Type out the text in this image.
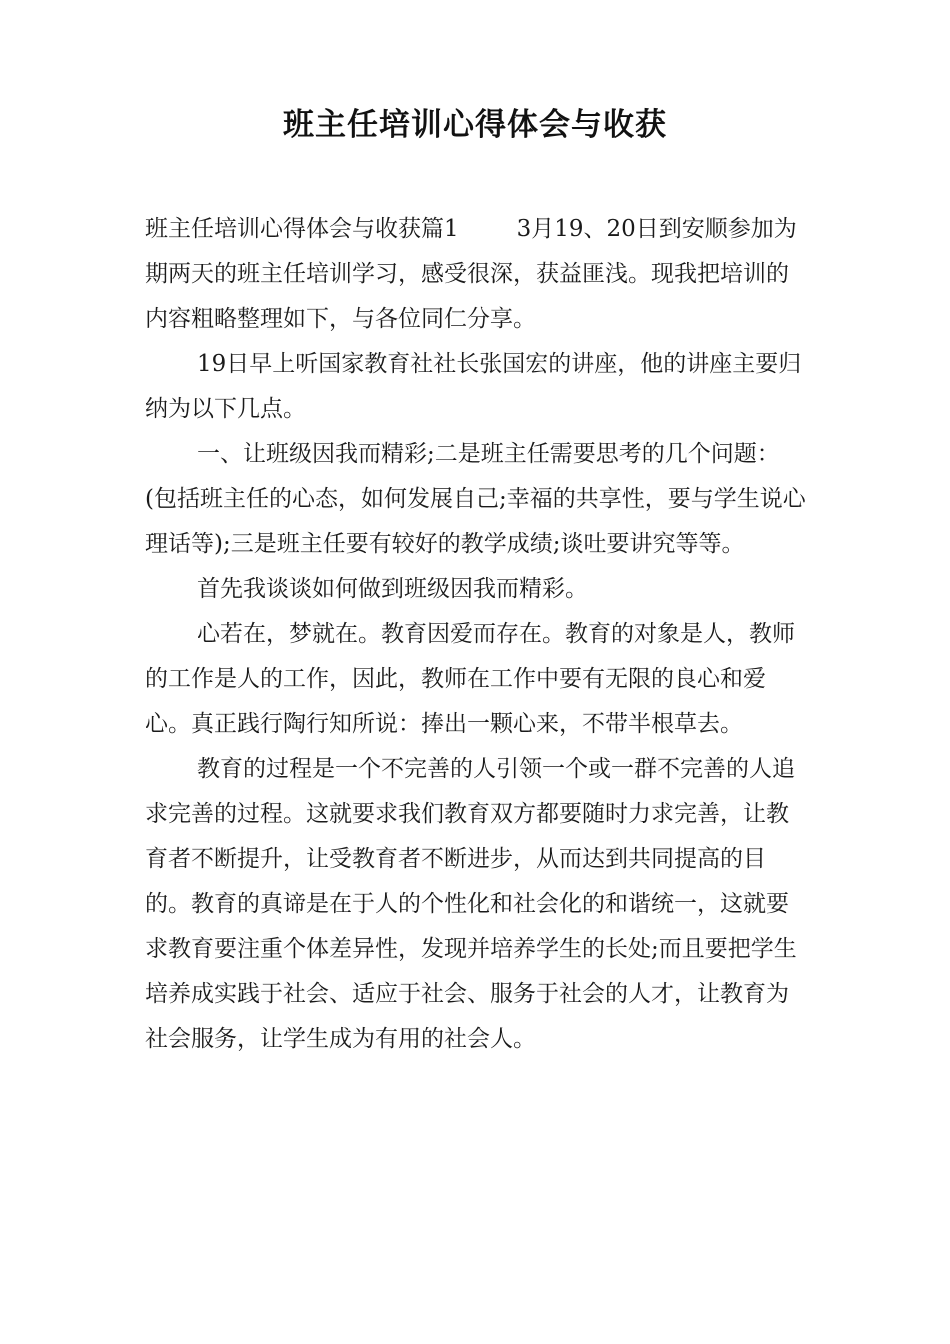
班主任培训心得体会与收获

班主任培训心得体会与收获篇1	3月19、20日到安顺参加为期两天的班主任培训学习，感受很深，获益匪浅。现我把培训的内容粗略整理如下，与各位同仁分享。

19日早上听国家教育社社长张国宏的讲座，他的讲座主要归纳为以下几点。

一、让班级因我而精彩;二是班主任需要思考的几个问题：(包括班主任的心态，如何发展自己;幸福的共享性，要与学生说心理话等);三是班主任要有较好的教学成绩;谈吐要讲究等等。

首先我谈谈如何做到班级因我而精彩。

心若在，梦就在。教育因爱而存在。教育的对象是人，教师的工作是人的工作，因此，教师在工作中要有无限的良心和爱心。真正践行陶行知所说：捧出一颗心来，不带半根草去。

教育的过程是一个不完善的人引领一个或一群不完善的人追求完善的过程。这就要求我们教育双方都要随时力求完善，让教育者不断提升，让受教育者不断进步，从而达到共同提高的目的。教育的真谛是在于人的个性化和社会化的和谐统一，这就要求教育要注重个体差异性，发现并培养学生的长处;而且要把学生培养成实践于社会、适应于社会、服务于社会的人才，让教育为社会服务，让学生成为有用的社会人。
